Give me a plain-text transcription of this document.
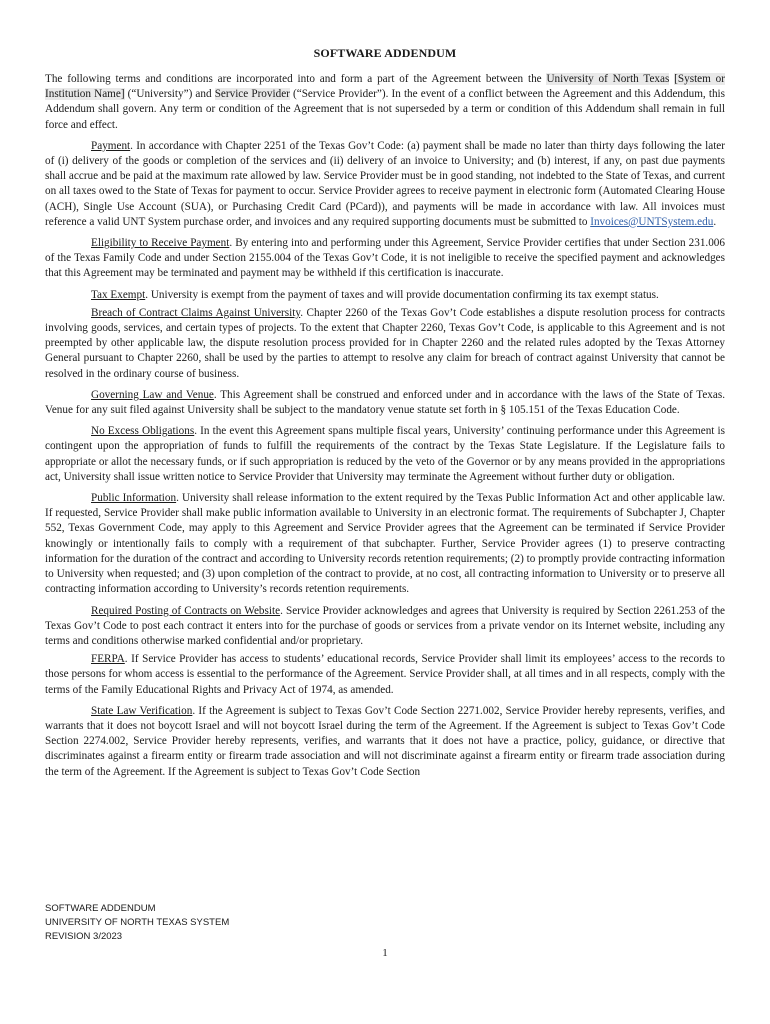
SOFTWARE ADDENDUM

The following terms and conditions are incorporated into and form a part of the Agreement between the University of North Texas [System or Institution Name] (“University”) and Service Provider (“Service Provider”). In the event of a conflict between the Agreement and this Addendum, this Addendum shall govern. Any term or condition of the Agreement that is not superseded by a term or condition of this Addendum shall remain in full force and effect.

Payment. In accordance with Chapter 2251 of the Texas Gov’t Code: (a) payment shall be made no later than thirty days following the later of (i) delivery of the goods or completion of the services and (ii) delivery of an invoice to University; and (b) interest, if any, on past due payments shall accrue and be paid at the maximum rate allowed by law. Service Provider must be in good standing, not indebted to the State of Texas, and current on all taxes owed to the State of Texas for payment to occur. Service Provider agrees to receive payment in electronic form (Automated Clearing House (ACH), Single Use Account (SUA), or Purchasing Credit Card (PCard)), and payments will be made in accordance with law. All invoices must reference a valid UNT System purchase order, and invoices and any required supporting documents must be submitted to Invoices@UNTSystem.edu.

Eligibility to Receive Payment. By entering into and performing under this Agreement, Service Provider certifies that under Section 231.006 of the Texas Family Code and under Section 2155.004 of the Texas Gov’t Code, it is not ineligible to receive the specified payment and acknowledges that this Agreement may be terminated and payment may be withheld if this certification is inaccurate.

Tax Exempt. University is exempt from the payment of taxes and will provide documentation confirming its tax exempt status.

Breach of Contract Claims Against University. Chapter 2260 of the Texas Gov’t Code establishes a dispute resolution process for contracts involving goods, services, and certain types of projects. To the extent that Chapter 2260, Texas Gov’t Code, is applicable to this Agreement and is not preempted by other applicable law, the dispute resolution process provided for in Chapter 2260 and the related rules adopted by the Texas Attorney General pursuant to Chapter 2260, shall be used by the parties to attempt to resolve any claim for breach of contract against University that cannot be resolved in the ordinary course of business.

Governing Law and Venue. This Agreement shall be construed and enforced under and in accordance with the laws of the State of Texas. Venue for any suit filed against University shall be subject to the mandatory venue statute set forth in § 105.151 of the Texas Education Code.

No Excess Obligations. In the event this Agreement spans multiple fiscal years, University’ continuing performance under this Agreement is contingent upon the appropriation of funds to fulfill the requirements of the contract by the Texas State Legislature. If the Legislature fails to appropriate or allot the necessary funds, or if such appropriation is reduced by the veto of the Governor or by any means provided in the appropriations act, University shall issue written notice to Service Provider that University may terminate the Agreement without further duty or obligation.

Public Information. University shall release information to the extent required by the Texas Public Information Act and other applicable law. If requested, Service Provider shall make public information available to University in an electronic format. The requirements of Subchapter J, Chapter 552, Texas Government Code, may apply to this Agreement and Service Provider agrees that the Agreement can be terminated if Service Provider knowingly or intentionally fails to comply with a requirement of that subchapter. Further, Service Provider agrees (1) to preserve contracting information for the duration of the contract and according to University records retention requirements; (2) to promptly provide contracting information to University when requested; and (3) upon completion of the contract to provide, at no cost, all contracting information to University or to preserve all contracting information according to University’s records retention requirements.

Required Posting of Contracts on Website. Service Provider acknowledges and agrees that University is required by Section 2261.253 of the Texas Gov’t Code to post each contract it enters into for the purchase of goods or services from a private vendor on its Internet website, including any terms and conditions otherwise marked confidential and/or proprietary.

FERPA. If Service Provider has access to students’ educational records, Service Provider shall limit its employees’ access to the records to those persons for whom access is essential to the performance of the Agreement. Service Provider shall, at all times and in all respects, comply with the terms of the Family Educational Rights and Privacy Act of 1974, as amended.

State Law Verification. If the Agreement is subject to Texas Gov’t Code Section 2271.002, Service Provider hereby represents, verifies, and warrants that it does not boycott Israel and will not boycott Israel during the term of the Agreement. If the Agreement is subject to Texas Gov’t Code Section 2274.002, Service Provider hereby represents, verifies, and warrants that it does not have a practice, policy, guidance, or directive that discriminates against a firearm entity or firearm trade association and will not discriminate against a firearm entity or firearm trade association during the term of the Agreement. If the Agreement is subject to Texas Gov’t Code Section

SOFTWARE ADDENDUM
UNIVERSITY OF NORTH TEXAS SYSTEM
REVISION 3/2023
1
